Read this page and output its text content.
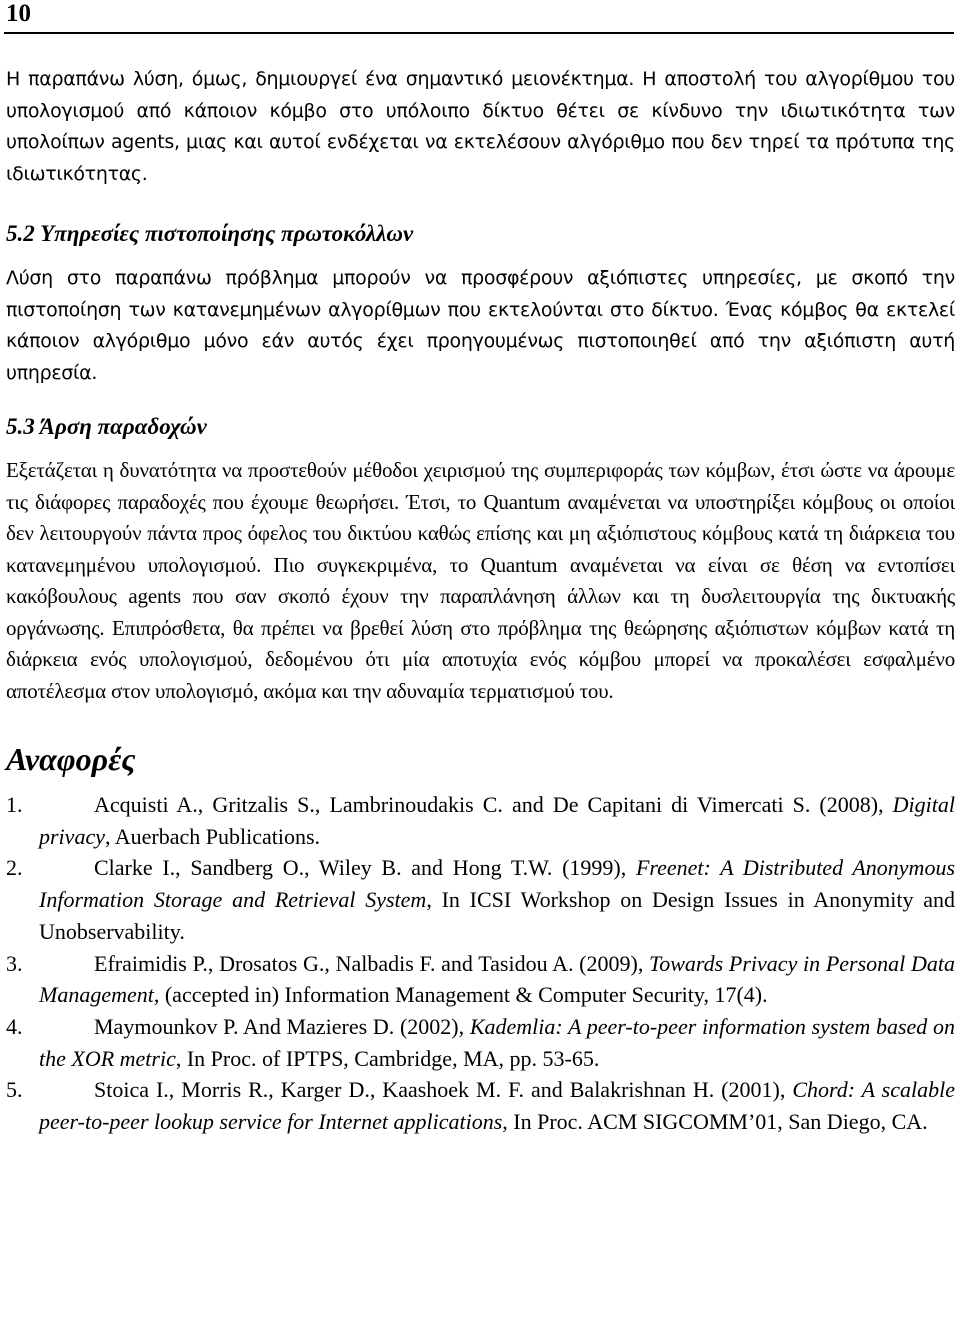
10

Η παραπάνω λύση, όμως, δημιουργεί ένα σημαντικό μειονέκτημα. Η αποστολή του αλγορίθμου του υπολογισμού από κάποιον κόμβο στο υπόλοιπο δίκτυο θέτει σε κίνδυνο την ιδιωτικότητα των υπολοίπων agents, μιας και αυτοί ενδέχεται να εκτελέσουν αλγόριθμο που δεν τηρεί τα πρότυπα της ιδιωτικότητας.

5.2 Υπηρεσίες πιστοποίησης πρωτοκόλλων

Λύση στο παραπάνω πρόβλημα μπορούν να προσφέρουν αξιόπιστες υπηρεσίες, με σκοπό την πιστοποίηση των κατανεμημένων αλγορίθμων που εκτελούνται στο δίκτυο. Ένας κόμβος θα εκτελεί κάποιον αλγόριθμο μόνο εάν αυτός έχει προηγουμένως πιστοποιηθεί από την αξιόπιστη αυτή υπηρεσία.

5.3 Άρση παραδοχών

Εξετάζεται η δυνατότητα να προστεθούν μέθοδοι χειρισμού της συμπεριφοράς των κόμβων, έτσι ώστε να άρουμε τις διάφορες παραδοχές που έχουμε θεωρήσει. Έτσι, το Quantum αναμένεται να υποστηρίξει κόμβους οι οποίοι δεν λειτουργούν πάντα προς όφελος του δικτύου καθώς επίσης και μη αξιόπιστους κόμβους κατά τη διάρκεια του κατανεμημένου υπολογισμού. Πιο συγκεκριμένα, το Quantum αναμένεται να είναι σε θέση να εντοπίσει κακόβουλους agents που σαν σκοπό έχουν την παραπλάνηση άλλων και τη δυσλειτουργία της δικτυακής οργάνωσης. Επιπρόσθετα, θα πρέπει να βρεθεί λύση στο πρόβλημα της θεώρησης αξιόπιστων κόμβων κατά τη διάρκεια ενός υπολογισμού, δεδομένου ότι μία αποτυχία ενός κόμβου μπορεί να προκαλέσει εσφαλμένο αποτέλεσμα στον υπολογισμό, ακόμα και την αδυναμία τερματισμού του.

Αναφορές
1.	Acquisti A., Gritzalis S., Lambrinoudakis C. and De Capitani di Vimercati S. (2008), Digital privacy, Auerbach Publications.
2.	Clarke I., Sandberg O., Wiley B. and Hong T.W. (1999), Freenet: A Distributed Anonymous Information Storage and Retrieval System, In ICSI Workshop on Design Issues in Anonymity and Unobservability.
3.	Efraimidis P., Drosatos G., Nalbadis F. and Tasidou A. (2009), Towards Privacy in Personal Data Management, (accepted in) Information Management & Computer Security, 17(4).
4.	Maymounkov P. And Mazieres D. (2002), Kademlia: A peer-to-peer information system based on the XOR metric, In Proc. of IPTPS, Cambridge, MA, pp. 53-65.
5.	Stoica I., Morris R., Karger D., Kaashoek M. F. and Balakrishnan H. (2001), Chord: A scalable peer-to-peer lookup service for Internet applications, In Proc. ACM SIGCOMM’01, San Diego, CA.
